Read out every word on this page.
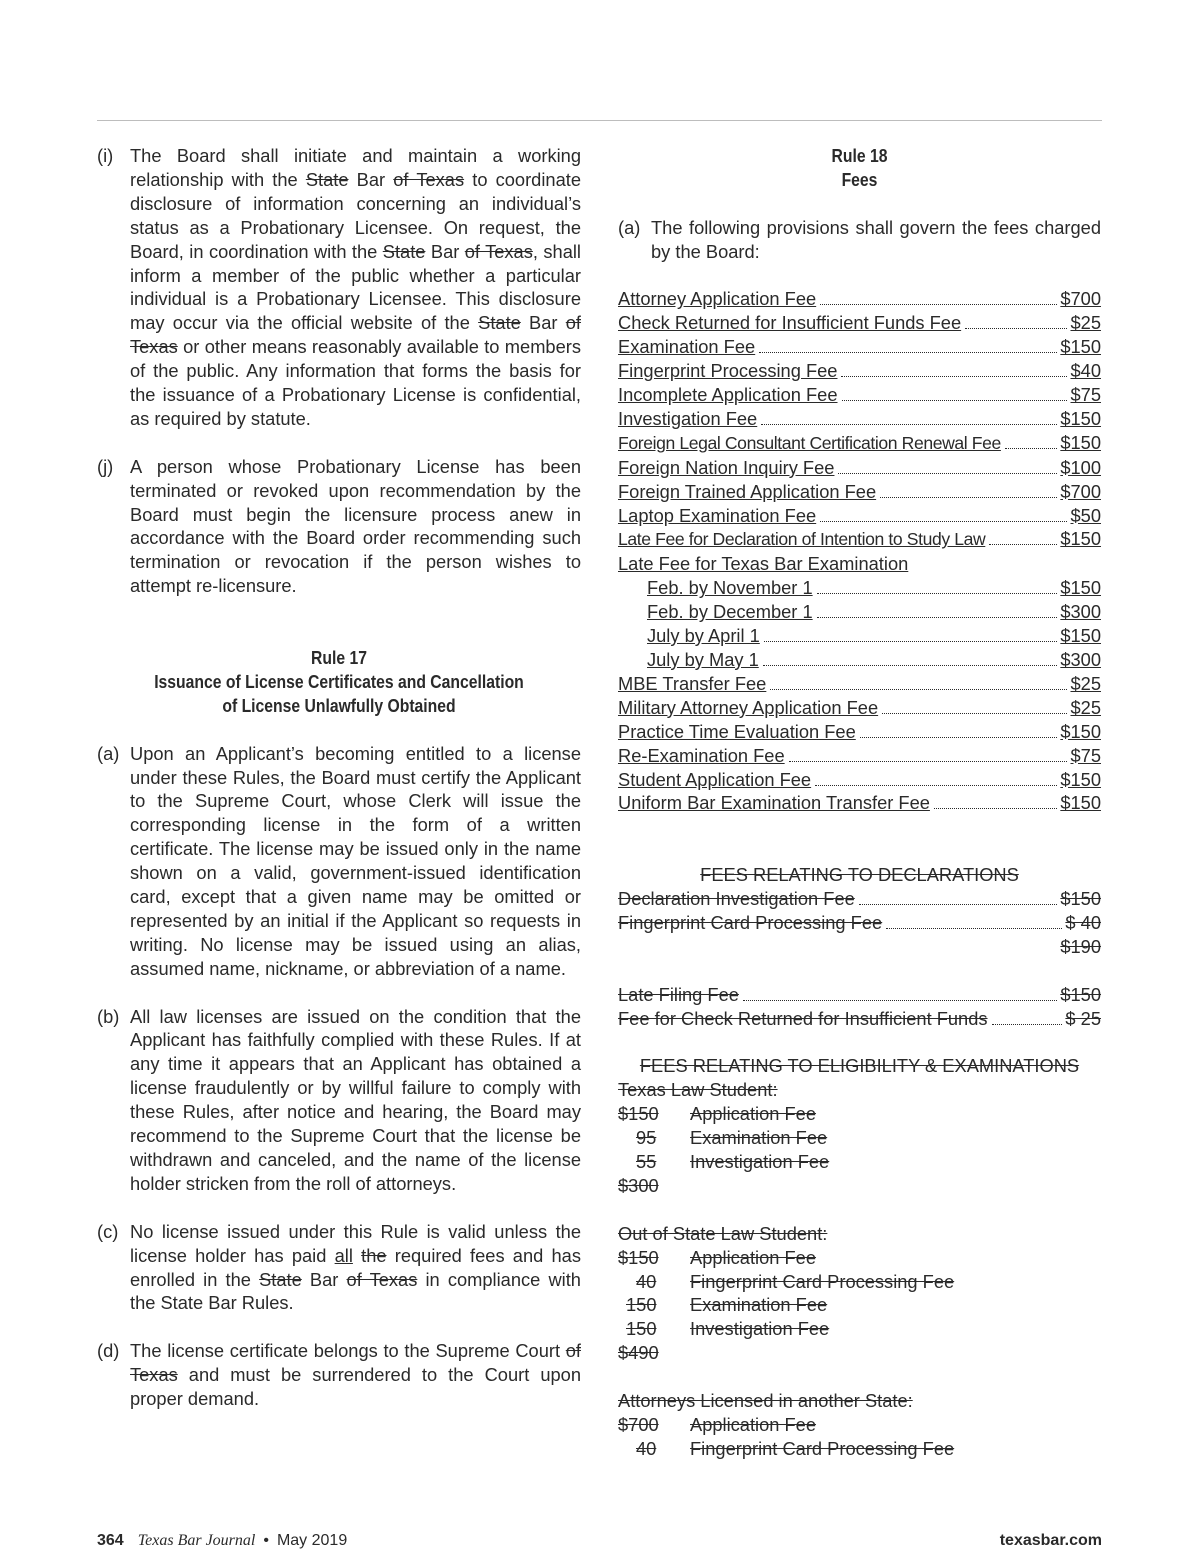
(i) The Board shall initiate and maintain a working relationship with the State Bar of Texas to coordinate disclosure of information concerning an individual’s status as a Probationary Licensee. On request, the Board, in coordination with the State Bar of Texas, shall inform a member of the public whether a particular individual is a Probationary Licensee. This disclosure may occur via the official website of the State Bar of Texas or other means reasonably available to members of the public. Any information that forms the basis for the issuance of a Probationary License is confidential, as required by statute.
(j) A person whose Probationary License has been terminated or revoked upon recommendation by the Board must begin the licensure process anew in accordance with the Board order recommending such termination or revocation if the person wishes to attempt re-licensure.
Rule 17
Issuance of License Certificates and Cancellation
of License Unlawfully Obtained
(a) Upon an Applicant’s becoming entitled to a license under these Rules, the Board must certify the Applicant to the Supreme Court, whose Clerk will issue the corresponding license in the form of a written certificate. The license may be issued only in the name shown on a valid, government-issued identification card, except that a given name may be omitted or represented by an initial if the Applicant so requests in writing. No license may be issued using an alias, assumed name, nickname, or abbreviation of a name.
(b) All law licenses are issued on the condition that the Applicant has faithfully complied with these Rules. If at any time it appears that an Applicant has obtained a license fraudulently or by willful failure to comply with these Rules, after notice and hearing, the Board may recommend to the Supreme Court that the license be withdrawn and canceled, and the name of the license holder stricken from the roll of attorneys.
(c) No license issued under this Rule is valid unless the license holder has paid all the required fees and has enrolled in the State Bar of Texas in compliance with the State Bar Rules.
(d) The license certificate belongs to the Supreme Court of Texas and must be surrendered to the Court upon proper demand.
Rule 18
Fees
(a) The following provisions shall govern the fees charged by the Board:
Attorney Application Fee	$700
Check Returned for Insufficient Funds Fee	$25
Examination Fee	$150
Fingerprint Processing Fee	$40
Incomplete Application Fee	$75
Investigation Fee	$150
Foreign Legal Consultant Certification Renewal Fee	$150
Foreign Nation Inquiry Fee	$100
Foreign Trained Application Fee	$700
Laptop Examination Fee	$50
Late Fee for Declaration of Intention to Study Law	$150
Late Fee for Texas Bar Examination
Feb. by November 1	$150
Feb. by December 1	$300
July by April 1	$150
July by May 1	$300
MBE Transfer Fee	$25
Military Attorney Application Fee	$25
Practice Time Evaluation Fee	$150
Re-Examination Fee	$75
Student Application Fee	$150
Uniform Bar Examination Transfer Fee	$150
FEES RELATING TO DECLARATIONS
Declaration Investigation Fee	$150
Fingerprint Card Processing Fee	$ 40
$190
Late Filing Fee	$150
Fee for Check Returned for Insufficient Funds	$ 25
FEES RELATING TO ELIGIBILITY & EXAMINATIONS
Texas Law Student:
$150	Application Fee
95	Examination Fee
55	Investigation Fee
$300
Out of State Law Student:
$150	Application Fee
40	Fingerprint Card Processing Fee
150	Examination Fee
150	Investigation Fee
$490
Attorneys Licensed in another State:
$700	Application Fee
40	Fingerprint Card Processing Fee
364 Texas Bar Journal • May 2019	texasbar.com
